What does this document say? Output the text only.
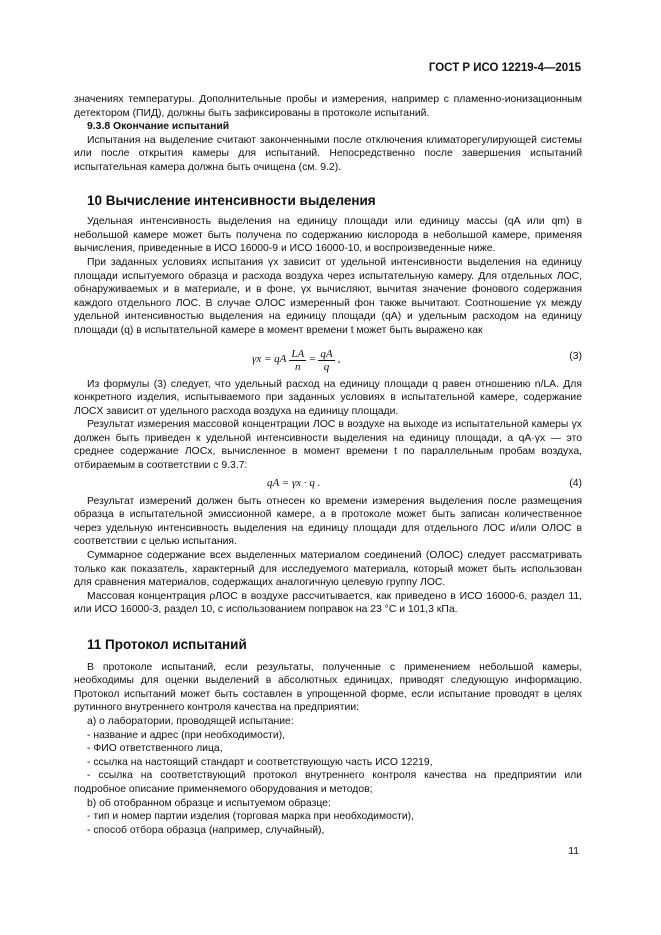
ГОСТ Р ИСО 12219-4—2015

значениях температуры. Дополнительные пробы и измерения, например с пламенно-ионизационным детектором (ПИД), должны быть зафиксированы в протоколе испытаний.

9.3.8 Окончание испытаний

Испытания на выделение считают законченными после отключения климатoрегулирующей системы или после открытия камеры для испытаний. Непосредственно после завершения испытаний испытательная камера должна быть очищена (см. 9.2).

10 Вычисление интенсивности выделения

Удельная интенсивность выделения на единицу площади или единицу массы (qA или qm) в небольшой камере может быть получена по содержанию кислорода в небольшой камере, применяя вычисления, приведенные в ИСО 16000-9 и ИСО 16000-10, и воспроизведенные ниже.

При заданных условиях испытания γx зависит от удельной интенсивности выделения на единицу площади испытуемого образца и расхода воздуха через испытательную камеру. Для отдельных ЛОС, обнаруживаемых и в материале, и в фоне, γx вычисляют, вычитая значение фонового содержания каждого отдельного ЛОС. В случае ОЛОС измеренный фон также вычитают. Соотношение γx между удельной интенсивностью выделения на единицу площади (qA) и удельным расходом на единицу площади (q) в испытательной камере в момент времени t может быть выражено как

γx = qA $\frac{LA}{n} = \frac{qA}{q}$ ,	(3)

Из формулы (3) следует, что удельный расход на единицу площади q равен отношению n/LA. Для конкретного изделия, испытываемого при заданных условиях в испытательной камере, содержание ЛОСX зависит от удельного расхода воздуха на единицу площади.

Результат измерения массовой концентрации ЛОС в воздухе на выходе из испытательной камеры γx должен быть приведен к удельной интенсивности выделения на единицу площади, а qA·γx — это среднее содержание ЛОСx, вычисленное в момент времени t по параллельным пробам воздуха, отбираемым в соответствии с 9.3.7:

qA = γx · q .	(4)

Результат измерений должен быть отнесен ко времени измерения выделения после размещения образца в испытательной эмиссионной камере, а в протоколе может быть записан количественное через удельную интенсивность выделения на единицу площади для отдельного ЛОС и/или ОЛОС в соответствии с целью испытания.

Суммарное содержание всех выделенных материалом соединений (ОЛОС) следует рассматривать только как показатель, характерный для исследуемого материала, который может быть использован для сравнения материалов, содержащих аналогичную целевую группу ЛОС.

Массовая концентрация ρЛОС в воздухе рассчитывается, как приведено в ИСО 16000-6, раздел 11, или ИСО 16000-3, раздел 10, с использованием поправок на 23 °C и 101,3 кПа.

11 Протокол испытаний

В протоколе испытаний, если результаты, полученные с применением небольшой камеры, необходимы для оценки выделений в абсолютных единицах, приводят следующую информацию. Протокол испытаний может быть составлен в упрощенной форме, если испытание проводят в целях рутинного внутреннего контроля качества на предприятии:

а) о лаборатории, проводящей испытание:

- название и адрес (при необходимости),

- ФИО ответственного лица,

- ссылка на настоящий стандарт и соответствующую часть ИСО 12219,

- ссылка на соответствующий протокол внутреннего контроля качества на предприятии или подробное описание применяемого оборудования и методов;

b) об отобранном образце и испытуемом образце:

- тип и номер партии изделия (торговая марка при необходимости),

- способ отбора образца (например, случайный),

11
